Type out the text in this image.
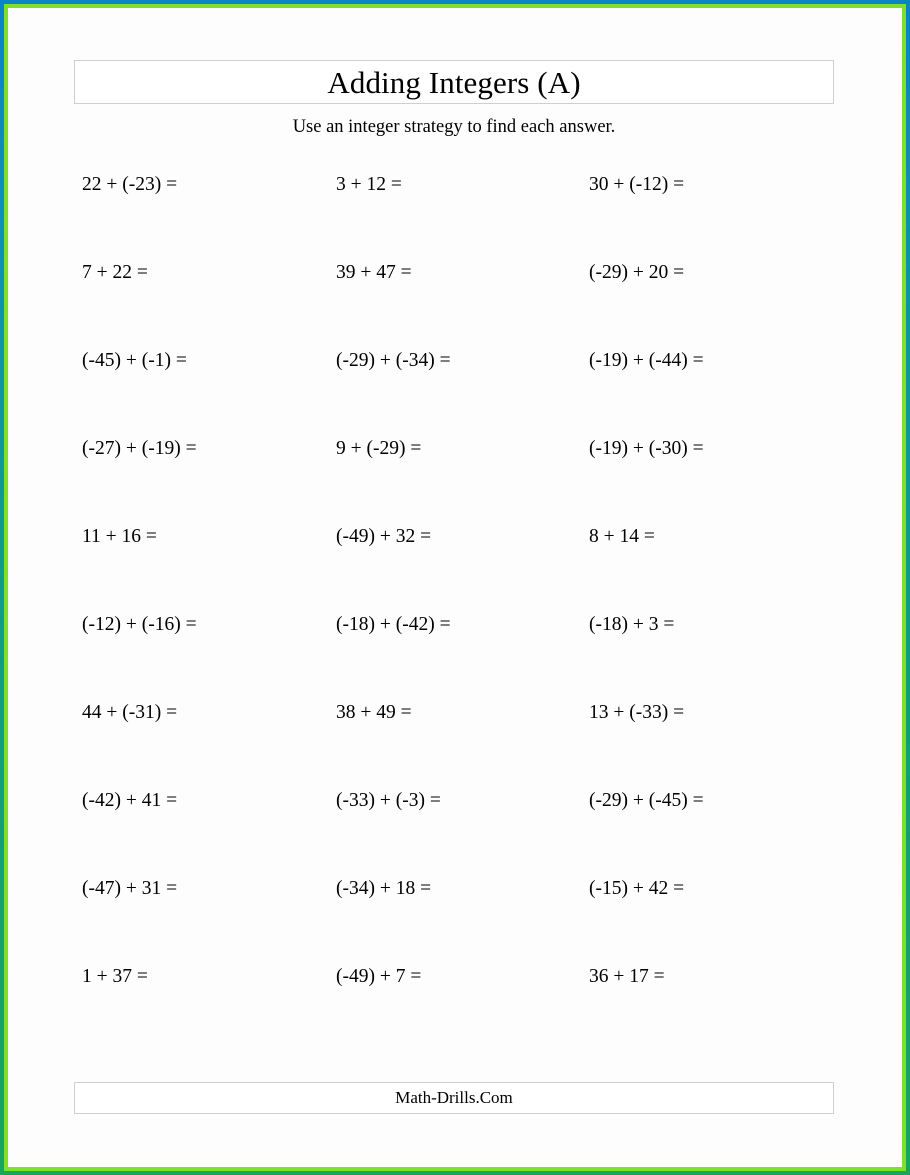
Adding Integers (A)
Use an integer strategy to find each answer.
22 + (-23) =	3 + 12 =	30 + (-12) =
7 + 22 =	39 + 47 =	(-29) + 20 =
(-45) + (-1) =	(-29) + (-34) =	(-19) + (-44) =
(-27) + (-19) =	9 + (-29) =	(-19) + (-30) =
11 + 16 =	(-49) + 32 =	8 + 14 =
(-12) + (-16) =	(-18) + (-42) =	(-18) + 3 =
44 + (-31) =	38 + 49 =	13 + (-33) =
(-42) + 41 =	(-33) + (-3) =	(-29) + (-45) =
(-47) + 31 =	(-34) + 18 =	(-15) + 42 =
1 + 37 =	(-49) + 7 =	36 + 17 =
Math-Drills.Com
